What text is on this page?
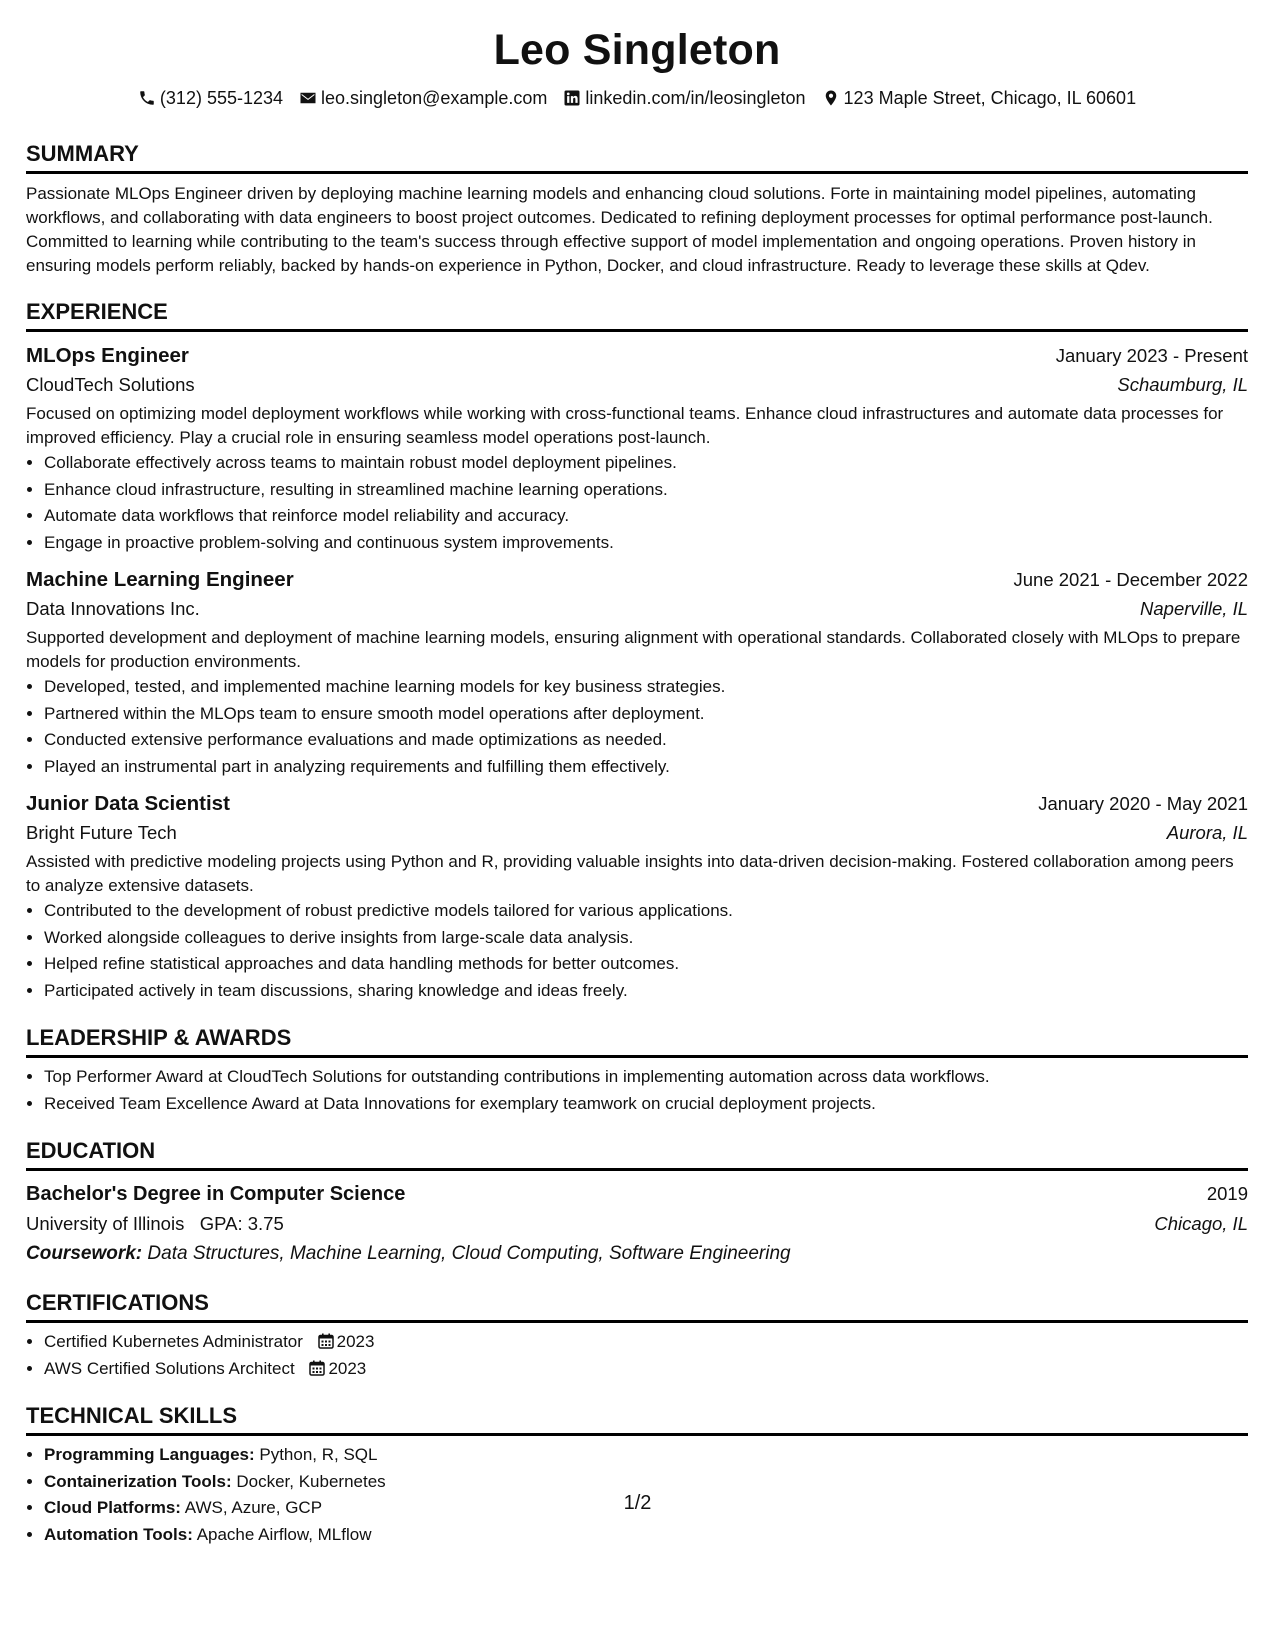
Leo Singleton
(312) 555-1234 leo.singleton@example.com linkedin.com/in/leosingleton 123 Maple Street, Chicago, IL 60601
SUMMARY
Passionate MLOps Engineer driven by deploying machine learning models and enhancing cloud solutions. Forte in maintaining model pipelines, automating workflows, and collaborating with data engineers to boost project outcomes. Dedicated to refining deployment processes for optimal performance post-launch. Committed to learning while contributing to the team's success through effective support of model implementation and ongoing operations. Proven history in ensuring models perform reliably, backed by hands-on experience in Python, Docker, and cloud infrastructure. Ready to leverage these skills at Qdev.
EXPERIENCE
MLOps Engineer	January 2023 - Present
CloudTech Solutions	Schaumburg, IL
Focused on optimizing model deployment workflows while working with cross-functional teams. Enhance cloud infrastructures and automate data processes for improved efficiency. Play a crucial role in ensuring seamless model operations post-launch.
• Collaborate effectively across teams to maintain robust model deployment pipelines.
• Enhance cloud infrastructure, resulting in streamlined machine learning operations.
• Automate data workflows that reinforce model reliability and accuracy.
• Engage in proactive problem-solving and continuous system improvements.
Machine Learning Engineer	June 2021 - December 2022
Data Innovations Inc.	Naperville, IL
Supported development and deployment of machine learning models, ensuring alignment with operational standards. Collaborated closely with MLOps to prepare models for production environments.
• Developed, tested, and implemented machine learning models for key business strategies.
• Partnered within the MLOps team to ensure smooth model operations after deployment.
• Conducted extensive performance evaluations and made optimizations as needed.
• Played an instrumental part in analyzing requirements and fulfilling them effectively.
Junior Data Scientist	January 2020 - May 2021
Bright Future Tech	Aurora, IL
Assisted with predictive modeling projects using Python and R, providing valuable insights into data-driven decision-making. Fostered collaboration among peers to analyze extensive datasets.
• Contributed to the development of robust predictive models tailored for various applications.
• Worked alongside colleagues to derive insights from large-scale data analysis.
• Helped refine statistical approaches and data handling methods for better outcomes.
• Participated actively in team discussions, sharing knowledge and ideas freely.
LEADERSHIP & AWARDS
• Top Performer Award at CloudTech Solutions for outstanding contributions in implementing automation across data workflows.
• Received Team Excellence Award at Data Innovations for exemplary teamwork on crucial deployment projects.
EDUCATION
Bachelor's Degree in Computer Science	2019
University of Illinois GPA: 3.75	Chicago, IL
Coursework: Data Structures, Machine Learning, Cloud Computing, Software Engineering
CERTIFICATIONS
• Certified Kubernetes Administrator 2023
• AWS Certified Solutions Architect 2023
TECHNICAL SKILLS
• Programming Languages: Python, R, SQL
• Containerization Tools: Docker, Kubernetes
• Cloud Platforms: AWS, Azure, GCP
• Automation Tools: Apache Airflow, MLflow
1/2
